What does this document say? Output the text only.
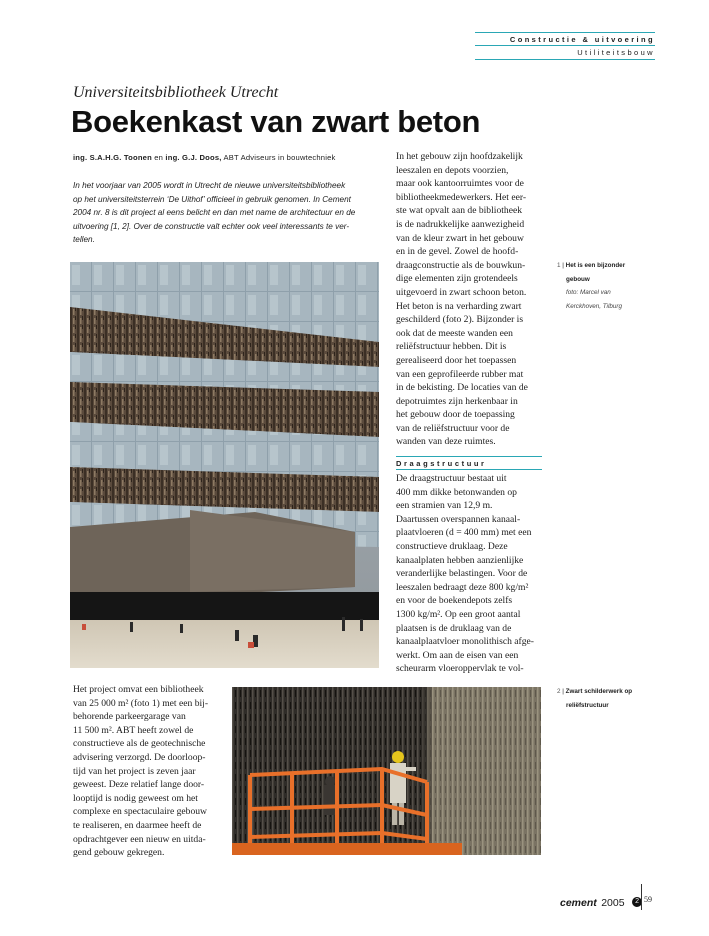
Constructie & uitvoering
Utiliteitsbouw
Universiteitsbibliotheek Utrecht
Boekenkast van zwart beton
ing. S.A.H.G. Toonen en ing. G.J. Doos, ABT Adviseurs in bouwtechniek
In het voorjaar van 2005 wordt in Utrecht de nieuwe universiteitsbibliotheek
op het universiteitsterrein ‘De Uithof’ officieel in gebruik genomen. In Cement
2004 nr. 8 is dit project al eens belicht en dan met name de architectuur en de
uitvoering [1, 2]. Over de constructie valt echter ook veel interessants te ver-
tellen.
In het gebouw zijn hoofdzakelijk
leeszalen en depots voorzien,
maar ook kantoorruimtes voor de
bibliotheekmedewerkers. Het eer-
ste wat opvalt aan de bibliotheek
is de nadrukkelijke aanwezigheid
van de kleur zwart in het gebouw
en in de gevel. Zowel de hoofd-
draagconstructie als de bouwkun-
dige elementen zijn grotendeels
uitgevoerd in zwart schoon beton.
Het beton is na verharding zwart
geschilderd (foto 2). Bijzonder is
ook dat de meeste wanden een
reliëfstructuur hebben. Dit is
gerealiseerd door het toepassen
van een geprofileerde rubber mat
in de bekisting. De locaties van de
depotruimtes zijn herkenbaar in
het gebouw door de toepassing
van de reliëfstructuur voor de
wanden van deze ruimtes.
Draagstructuur
De draagstructuur bestaat uit
400 mm dikke betonwanden op
een stramien van 12,9 m.
Daartussen overspannen kanaal-
plaatvloeren (d = 400 mm) met een
constructieve druklaag. Deze
kanaalplaten hebben aanzienlijke
veranderlijke belastingen. Voor de
leeszalen bedraagt deze 800 kg/m²
en voor de boekendepots zelfs
1300 kg/m². Op een groot aantal
plaatsen is de druklaag van de
kanaalplaatvloer monolithisch afge-
werkt. Om aan de eisen van een
scheurarm vloeroppervlak te vol-
1 | Het is een bijzonder
gebouw
foto: Marcel van
Kerckhoven, Tilburg
Het project omvat een bibliotheek
van 25 000 m² (foto 1) met een bij-
behorende parkeergarage van
11 500 m². ABT heeft zowel de
constructieve als de geotechnische
advisering verzorgd. De doorloop-
tijd van het project is zeven jaar
geweest. Deze relatief lange door-
looptijd is nodig geweest om het
complexe en spectaculaire gebouw
te realiseren, en daarmee heeft de
opdrachtgever een nieuw en uitda-
gend gebouw gekregen.
2 | Zwart schilderwerk op
reliëfstructuur
cement 2005 2 59
